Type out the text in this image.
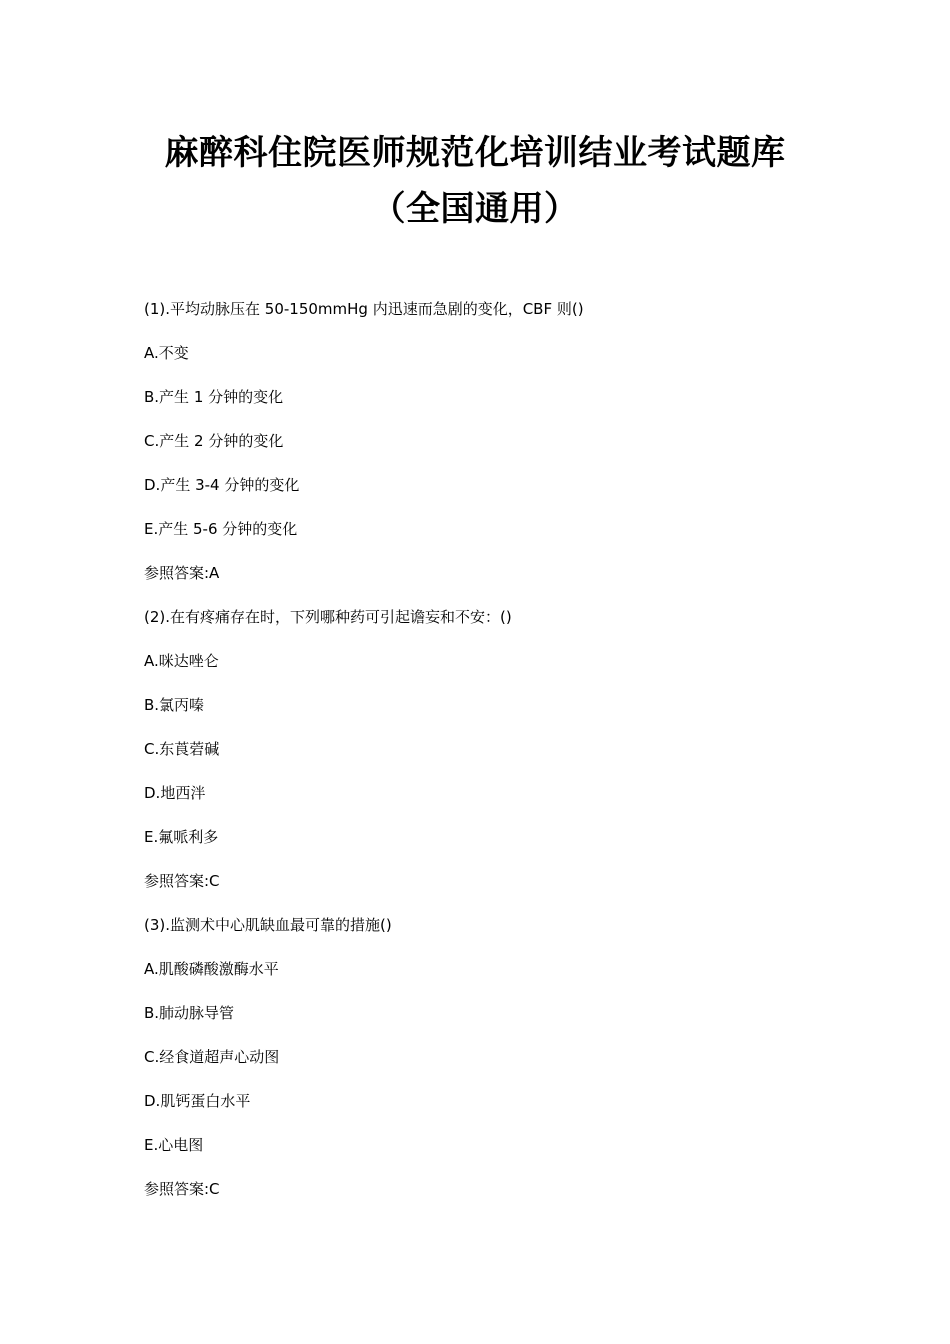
麻醉科住院医师规范化培训结业考试题库
（全国通用）
(1).平均动脉压在 50-150mmHg 内迅速而急剧的变化，CBF 则()
A.不变
B.产生 1 分钟的变化
C.产生 2 分钟的变化
D.产生 3-4 分钟的变化
E.产生 5-6 分钟的变化
参照答案:A
(2).在有疼痛存在时，下列哪种药可引起谵妄和不安：()
A.咪达唑仑
B.氯丙嗪
C.东莨菪碱
D.地西泮
E.氟哌利多
参照答案:C
(3).监测术中心肌缺血最可靠的措施()
A.肌酸磷酸激酶水平
B.肺动脉导管
C.经食道超声心动图
D.肌钙蛋白水平
E.心电图
参照答案:C
